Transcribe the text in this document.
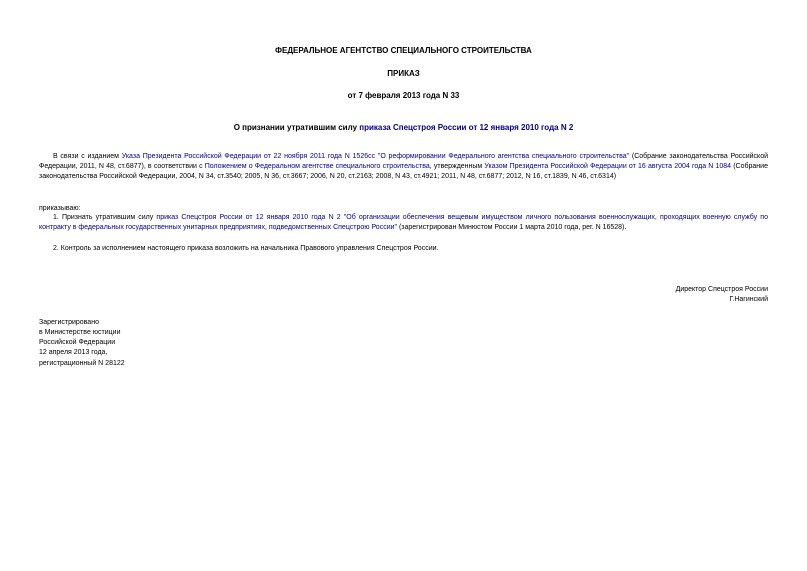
ФЕДЕРАЛЬНОЕ АГЕНТСТВО СПЕЦИАЛЬНОГО СТРОИТЕЛЬСТВА
ПРИКАЗ
от 7 февраля 2013 года N 33
О признании утратившим силу приказа Спецстроя России от 12 января 2010 года N 2
В связи с изданием Указа Президента Российской Федерации от 22 ноября 2011 года N 1526сс "О реформировании Федерального агентства специального строительства" (Собрание законодательства Российской Федерации, 2011, N 48, ст.6877), в соответствии с Положением о Федеральном агентстве специального строительства, утвержденным Указом Президента Российской Федерации от 16 августа 2004 года N 1084 (Собрание законодательства Российской Федерации, 2004, N 34, ст.3540; 2005, N 36, ст.3667; 2006, N 20, ст.2163; 2008, N 43, ст.4921; 2011, N 48, ст.6877; 2012, N 16, ст.1839, N 46, ст.6314)
приказываю:
1. Признать утратившим силу приказ Спецстроя России от 12 января 2010 года N 2 "Об организации обеспечения вещевым имуществом личного пользования военнослужащих, проходящих военную службу по контракту в федеральных государственных унитарных предприятиях, подведомственных Спецстрою России" (зарегистрирован Минюстом России 1 марта 2010 года, рег. N 16528).
2. Контроль за исполнением настоящего приказа возложить на начальника Правового управления Спецстроя России.
Директор Спецстроя России
Г.Нагинский
Зарегистрировано
в Министерстве юстиции
Российской Федерации
12 апреля 2013 года,
регистрационный N 28122
